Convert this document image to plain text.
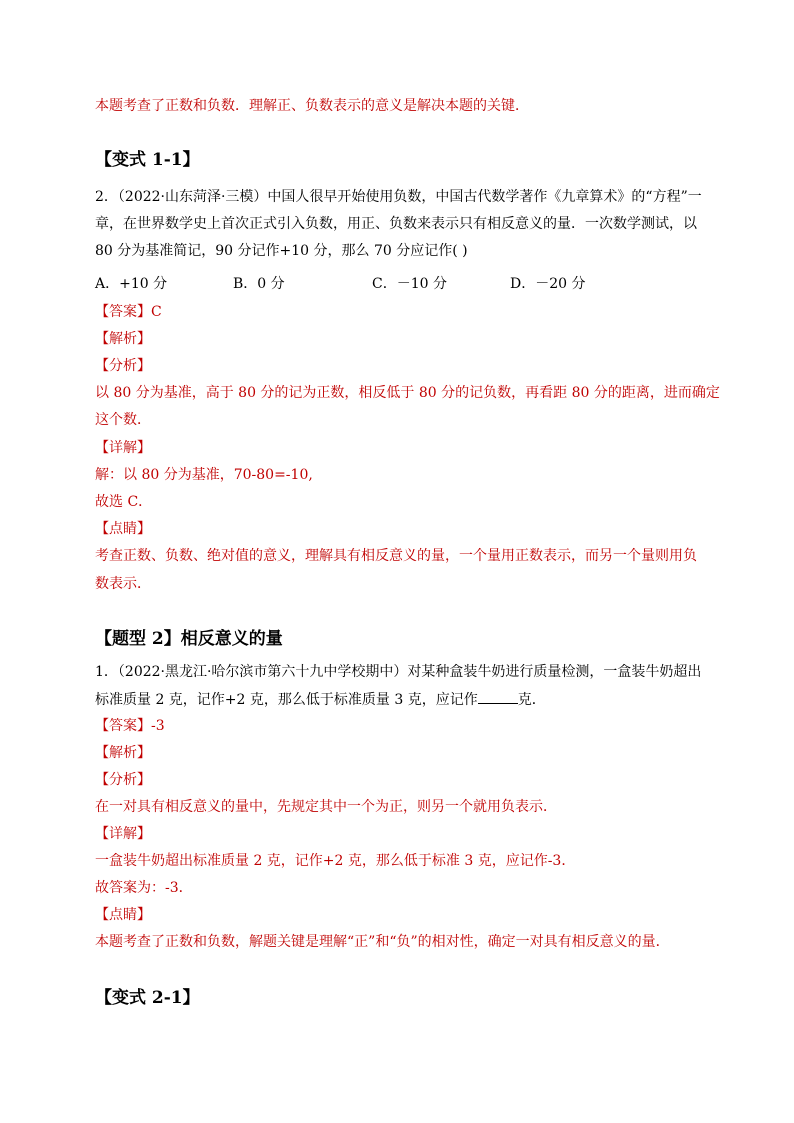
本题考查了正数和负数．理解正、负数表示的意义是解决本题的关键．
【变式 1-1】
2．（2022·山东菏泽·三模）中国人很早开始使用负数，中国古代数学著作《九章算术》的“方程”一
章，在世界数学史上首次正式引入负数，用正、负数来表示只有相反意义的量．一次数学测试，以
80 分为基准简记，90 分记作+10 分，那么 70 分应记作( )
A．+10 分	B．0 分	C．－10 分	D．－20 分
【答案】C
【解析】
【分析】
以 80 分为基准，高于 80 分的记为正数，相反低于 80 分的记负数，再看距 80 分的距离，进而确定
这个数．
【详解】
解：以 80 分为基准，70-80=-10,
故选 C．
【点睛】
考查正数、负数、绝对值的意义，理解具有相反意义的量，一个量用正数表示，而另一个量则用负
数表示．
【题型 2】相反意义的量
1．（2022·黑龙江·哈尔滨市第六十九中学校期中）对某种盒装牛奶进行质量检测，一盒装牛奶超出
标准质量 2 克，记作+2 克，那么低于标准质量 3 克，应记作	克．
【答案】-3
【解析】
【分析】
在一对具有相反意义的量中，先规定其中一个为正，则另一个就用负表示．
【详解】
一盒装牛奶超出标准质量 2 克，记作+2 克，那么低于标准 3 克，应记作-3．
故答案为：-3．
【点睛】
本题考查了正数和负数，解题关键是理解“正”和“负”的相对性，确定一对具有相反意义的量．
【变式 2-1】
